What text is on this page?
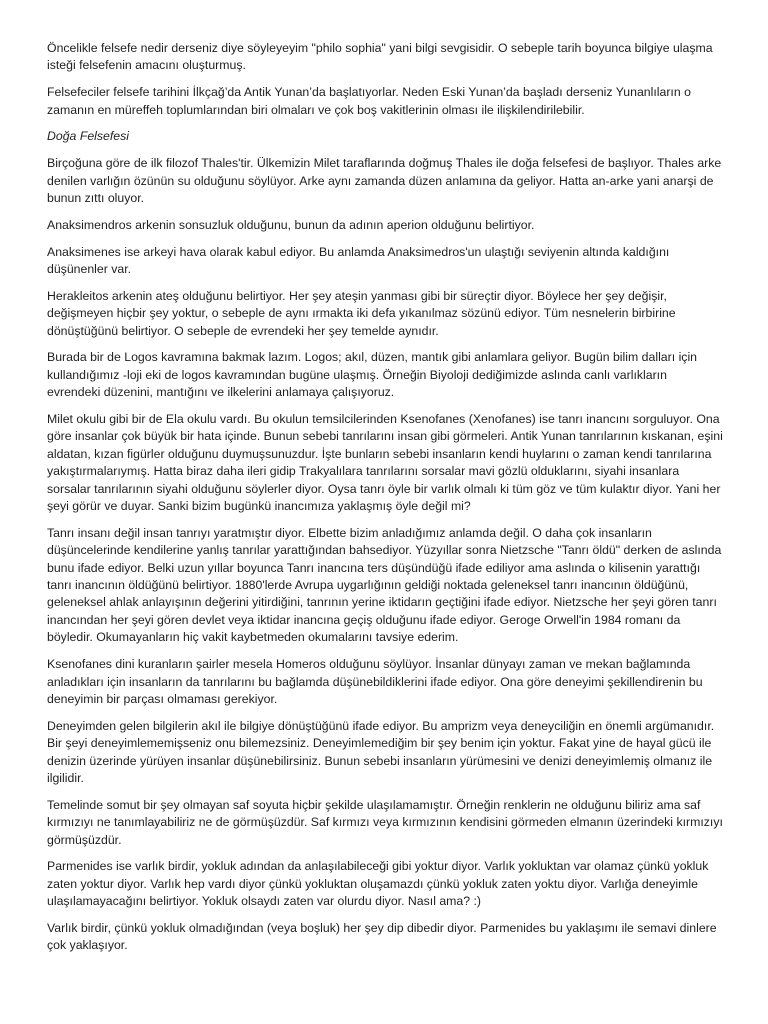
Öncelikle felsefe nedir derseniz diye söyleyeyim "philo sophia" yani bilgi sevgisidir. O sebeple tarih boyunca bilgiye ulaşma isteği felsefenin amacını oluşturmuş.

Felsefeciler felsefe tarihini İlkçağ’da Antik Yunan’da başlatıyorlar. Neden Eski Yunan’da başladı derseniz Yunanlıların o zamanın en müreffeh toplumlarından biri olmaları ve çok boş vakitlerinin olması ile ilişkilendirilebilir.

Doğa Felsefesi

Birçoğuna göre de ilk filozof Thales'tir. Ülkemizin Milet taraflarında doğmuş Thales ile doğa felsefesi de başlıyor. Thales arke denilen varlığın özünün su olduğunu söylüyor. Arke aynı zamanda düzen anlamına da geliyor. Hatta an-arke yani anarşi de bunun zıttı oluyor.

Anaksimendros arkenin sonsuzluk olduğunu, bunun da adının aperion olduğunu belirtiyor.

Anaksimenes ise arkeyi hava olarak kabul ediyor. Bu anlamda Anaksimedros'un ulaştığı seviyenin altında kaldığını düşünenler var.

Herakleitos arkenin ateş olduğunu belirtiyor. Her şey ateşin yanması gibi bir süreçtir diyor. Böylece her şey değişir, değişmeyen hiçbir şey yoktur, o sebeple de aynı ırmakta iki defa yıkanılmaz sözünü ediyor. Tüm nesnelerin birbirine dönüştüğünü belirtiyor. O sebeple de evrendeki her şey temelde aynıdır.

Burada bir de Logos kavramına bakmak lazım. Logos; akıl, düzen, mantık gibi anlamlara geliyor. Bugün bilim dalları için kullandığımız -loji eki de logos kavramından bugüne ulaşmış. Örneğin Biyoloji dediğimizde aslında canlı varlıkların evrendeki düzenini, mantığını ve ilkelerini anlamaya çalışıyoruz.

Milet okulu gibi bir de Ela okulu vardı. Bu okulun temsilcilerinden Ksenofanes (Xenofanes) ise tanrı inancını sorguluyor. Ona göre insanlar çok büyük bir hata içinde. Bunun sebebi tanrılarını insan gibi görmeleri. Antik Yunan tanrılarının kıskanan, eşini aldatan, kızan figürler olduğunu duymuşsunuzdur. İşte bunların sebebi insanların kendi huylarını o zaman kendi tanrılarına yakıştırmalarıymış. Hatta biraz daha ileri gidip Trakyalılara tanrılarını sorsalar mavi gözlü olduklarını, siyahi insanlara sorsalar tanrılarının siyahi olduğunu söylerler diyor. Oysa tanrı öyle bir varlık olmalı ki tüm göz ve tüm kulaktır diyor. Yani her şeyi görür ve duyar. Sanki bizim bugünkü inancımıza yaklaşmış öyle değil mi?

Tanrı insanı değil insan tanrıyı yaratmıştır diyor. Elbette bizim anladığımız anlamda değil. O daha çok insanların düşüncelerinde kendilerine yanlış tanrılar yarattığından bahsediyor. Yüzyıllar sonra Nietzsche "Tanrı öldü" derken de aslında bunu ifade ediyor. Belki uzun yıllar boyunca Tanrı inancına ters düşündüğü ifade ediliyor ama aslında o kilisenin yarattığı tanrı inancının öldüğünü belirtiyor. 1880'lerde Avrupa uygarlığının geldiği noktada geleneksel tanrı inancının öldüğünü, geleneksel ahlak anlayışının değerini yitirdiğini, tanrının yerine iktidarın geçtiğini ifade ediyor. Nietzsche her şeyi gören tanrı inancından her şeyi gören devlet veya iktidar inancına geçiş olduğunu ifade ediyor. Geroge Orwell'in 1984 romanı da böyledir. Okumayanların hiç vakit kaybetmeden okumalarını tavsiye ederim.

Ksenofanes dini kuranların şairler mesela Homeros olduğunu söylüyor. İnsanlar dünyayı zaman ve mekan bağlamında anladıkları için insanların da tanrılarını bu bağlamda düşünebildiklerini ifade ediyor. Ona göre deneyimi şekillendirenin bu deneyimin bir parçası olmaması gerekiyor.

Deneyimden gelen bilgilerin akıl ile bilgiye dönüştüğünü ifade ediyor. Bu amprizm veya deneyciliğin en önemli argümanıdır. Bir şeyi deneyimlememişseniz onu bilemezsiniz. Deneyimlemediğim bir şey benim için yoktur. Fakat yine de hayal gücü ile denizin üzerinde yürüyen insanlar düşünebilirsiniz. Bunun sebebi insanların yürümesini ve denizi deneyimlemiş olmanız ile ilgilidir.

Temelinde somut bir şey olmayan saf soyuta hiçbir şekilde ulaşılamamıştır. Örneğin renklerin ne olduğunu biliriz ama saf kırmızıyı ne tanımlayabiliriz ne de görmüşüzdür. Saf kırmızı veya kırmızının kendisini görmeden elmanın üzerindeki kırmızıyı görmüşüzdür.

Parmenides ise varlık birdir, yokluk adından da anlaşılabileceği gibi yoktur diyor. Varlık yokluktan var olamaz çünkü yokluk zaten yoktur diyor. Varlık hep vardı diyor çünkü yokluktan oluşamazdı çünkü yokluk zaten yoktu diyor. Varlığa deneyimle ulaşılamayacağını belirtiyor. Yokluk olsaydı zaten var olurdu diyor. Nasıl ama? :)

Varlık birdir, çünkü yokluk olmadığından (veya boşluk) her şey dip dibedir diyor. Parmenides bu yaklaşımı ile semavi dinlere çok yaklaşıyor.
